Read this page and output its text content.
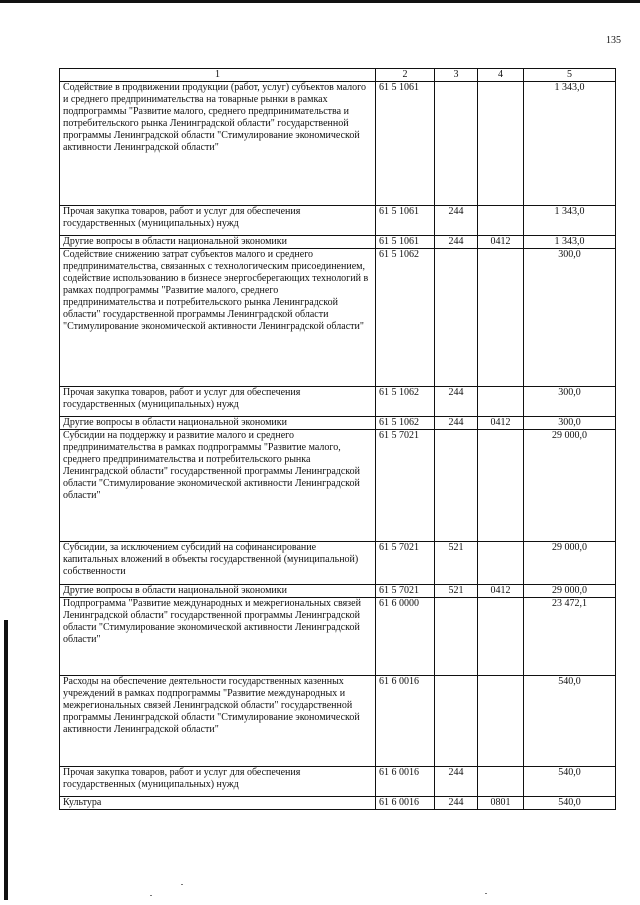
135
1	2	3	4	5
Содействие в продвижении продукции (работ, услуг) субъектов малого и среднего предпринимательства на товарные рынки в рамках подпрограммы "Развитие малого, среднего предпринимательства и потребительского рынка Ленинградской области" государственной программы Ленинградской области "Стимулирование экономической активности Ленинградской области"	61 5 1061			1 343,0
Прочая закупка товаров, работ и услуг для обеспечения государственных (муниципальных) нужд	61 5 1061	244		1 343,0
Другие вопросы в области национальной экономики	61 5 1061	244	0412	1 343,0
Содействие снижению затрат субъектов малого и среднего предпринимательства, связанных с технологическим присоединением, содействие использованию в бизнесе энергосберегающих технологий в рамках подпрограммы "Развитие малого, среднего предпринимательства и потребительского рынка Ленинградской области" государственной программы Ленинградской области "Стимулирование экономической активности Ленинградской области"	61 5 1062			300,0
Прочая закупка товаров, работ и услуг для обеспечения государственных (муниципальных) нужд	61 5 1062	244		300,0
Другие вопросы в области национальной экономики	61 5 1062	244	0412	300,0
Субсидии на поддержку и развитие малого и среднего предпринимательства в рамках подпрограммы "Развитие малого, среднего предпринимательства и потребительского рынка Ленинградской области" государственной программы Ленинградской области "Стимулирование экономической активности Ленинградской области"	61 5 7021			29 000,0
Субсидии, за исключением субсидий на софинансирование капитальных вложений в объекты государственной (муниципальной) собственности	61 5 7021	521		29 000,0
Другие вопросы в области национальной экономики	61 5 7021	521	0412	29 000,0
Подпрограмма "Развитие международных и межрегиональных связей Ленинградской области" государственной программы Ленинградской области "Стимулирование экономической активности Ленинградской области"	61 6 0000			23 472,1
Расходы на обеспечение деятельности государственных казенных учреждений в рамках подпрограммы "Развитие международных и межрегиональных связей Ленинградской области" государственной программы Ленинградской области "Стимулирование экономической активности Ленинградской области"	61 6 0016			540,0
Прочая закупка товаров, работ и услуг для обеспечения государственных (муниципальных) нужд	61 6 0016	244		540,0
Культура	61 6 0016	244	0801	540,0
